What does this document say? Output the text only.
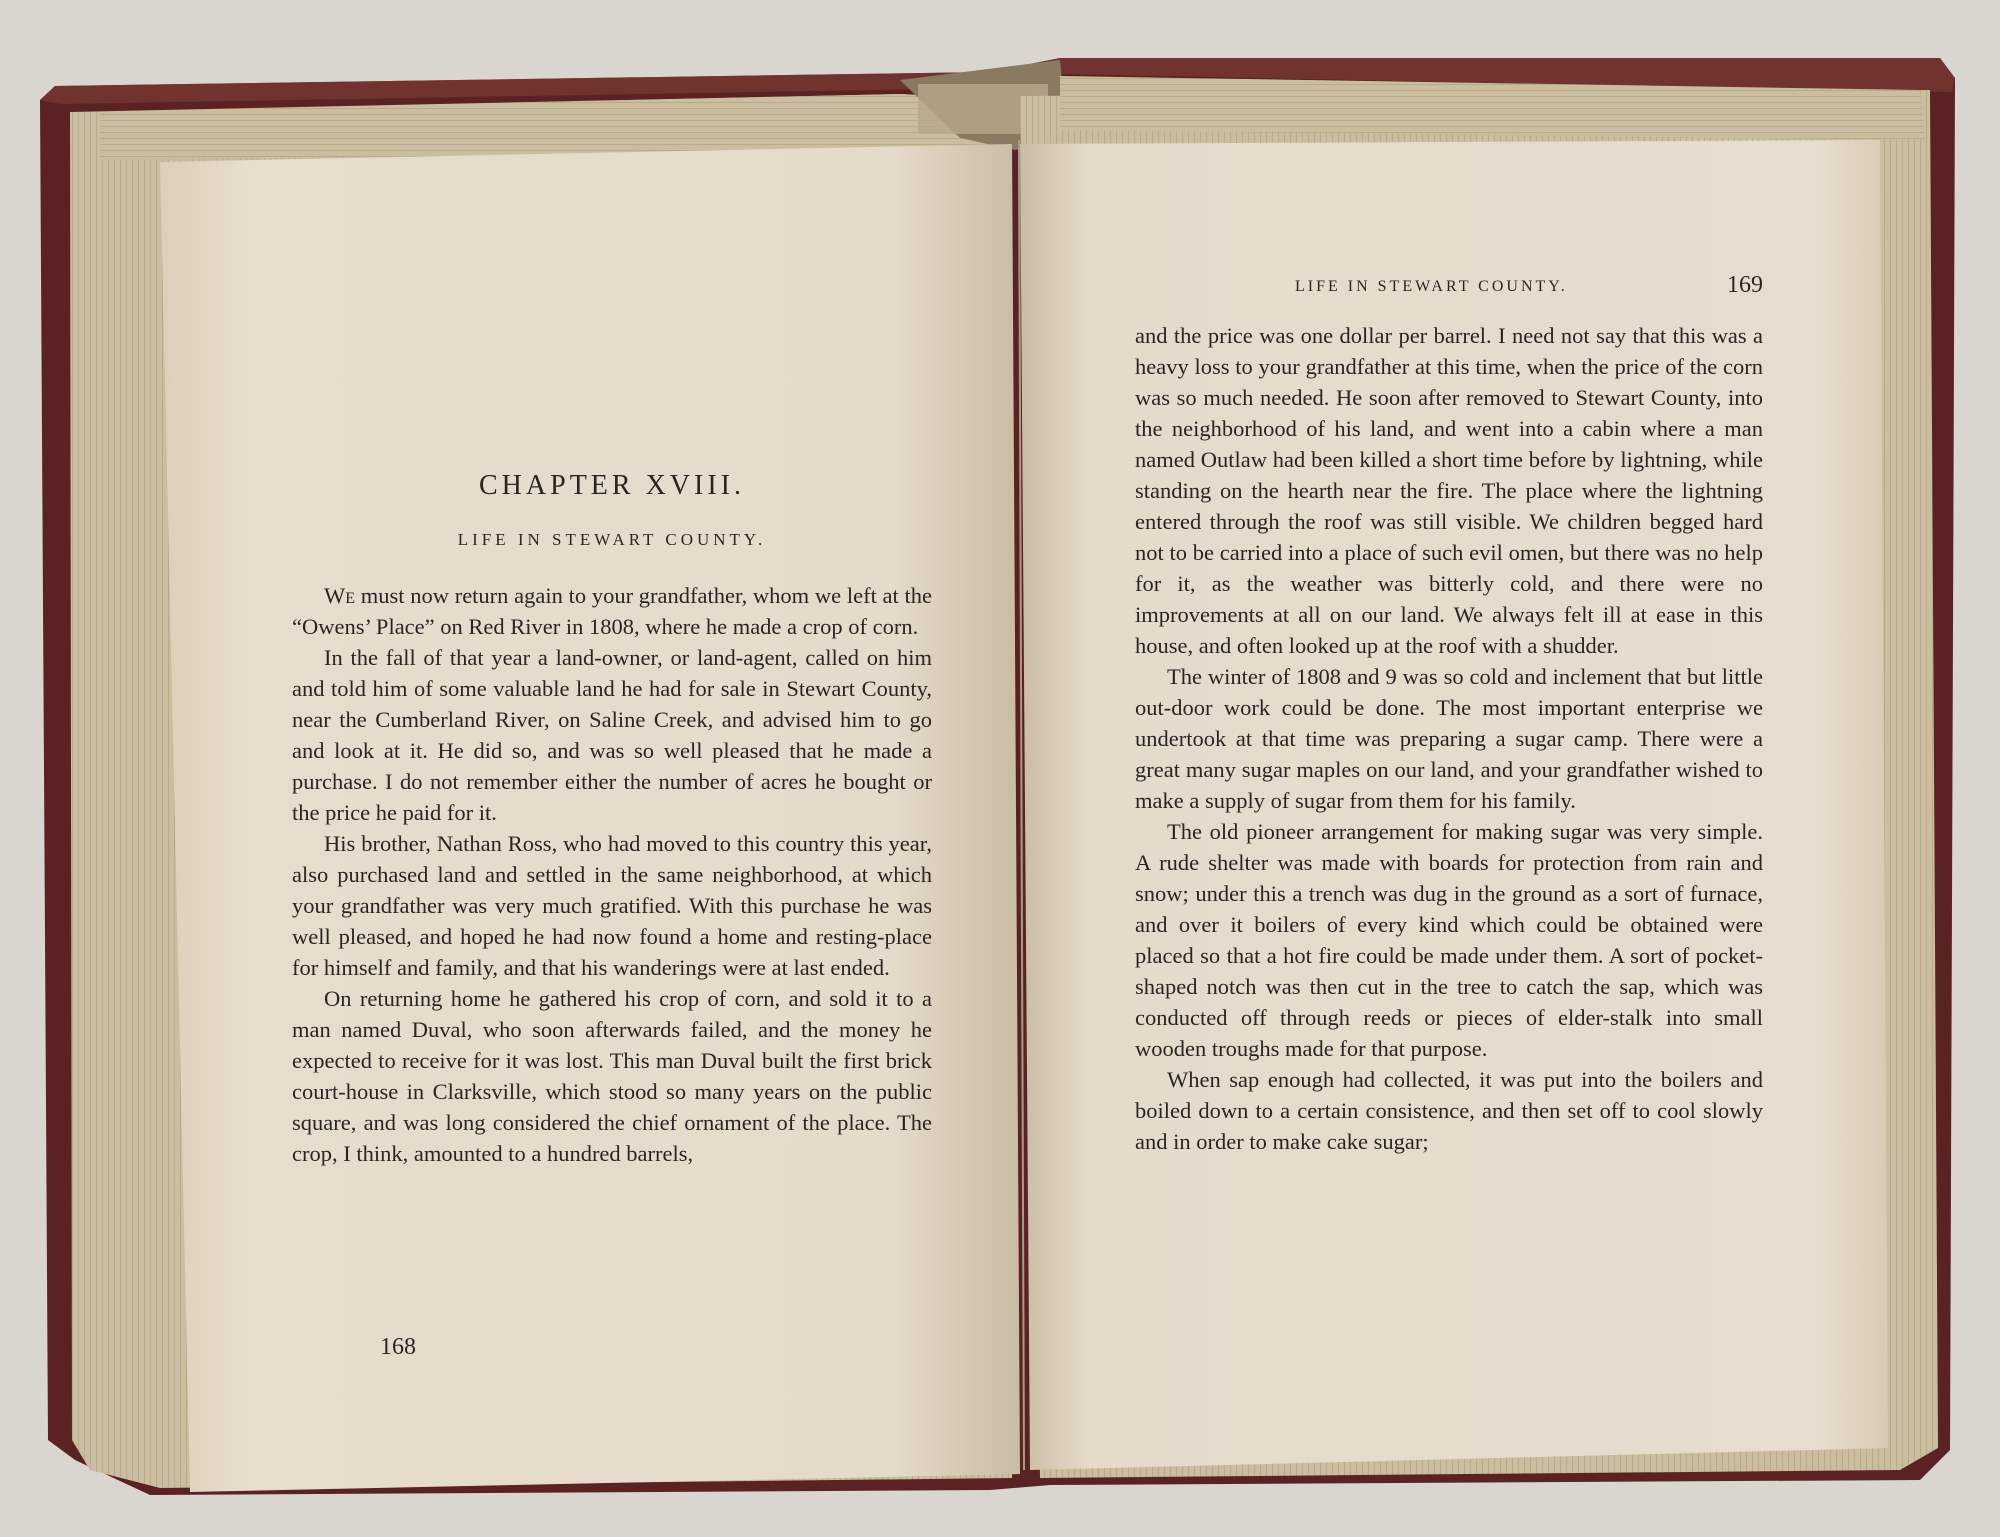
CHAPTER XVIII.
LIFE IN STEWART COUNTY.

We must now return again to your grandfather, whom we left at the “Owens’ Place” on Red River in 1808, where he made a crop of corn.

In the fall of that year a land-owner, or land-agent, called on him and told him of some valuable land he had for sale in Stewart County, near the Cumberland River, on Saline Creek, and advised him to go and look at it. He did so, and was so well pleased that he made a purchase. I do not remember either the number of acres he bought or the price he paid for it.

His brother, Nathan Ross, who had moved to this country this year, also purchased land and settled in the same neighborhood, at which your grandfather was very much gratified. With this purchase he was well pleased, and hoped he had now found a home and resting-place for himself and family, and that his wanderings were at last ended.

On returning home he gathered his crop of corn, and sold it to a man named Duval, who soon afterwards failed, and the money he expected to receive for it was lost. This man Duval built the first brick court-house in Clarksville, which stood so many years on the public square, and was long considered the chief ornament of the place. The crop, I think, amounted to a hundred barrels,

168
LIFE IN STEWART COUNTY.	169

and the price was one dollar per barrel. I need not say that this was a heavy loss to your grandfather at this time, when the price of the corn was so much needed. He soon after removed to Stewart County, into the neighborhood of his land, and went into a cabin where a man named Outlaw had been killed a short time before by lightning, while standing on the hearth near the fire. The place where the lightning entered through the roof was still visible. We children begged hard not to be carried into a place of such evil omen, but there was no help for it, as the weather was bitterly cold, and there were no improvements at all on our land. We always felt ill at ease in this house, and often looked up at the roof with a shudder.

The winter of 1808 and 9 was so cold and inclement that but little out-door work could be done. The most important enterprise we undertook at that time was preparing a sugar camp. There were a great many sugar maples on our land, and your grandfather wished to make a supply of sugar from them for his family.

The old pioneer arrangement for making sugar was very simple. A rude shelter was made with boards for protection from rain and snow; under this a trench was dug in the ground as a sort of furnace, and over it boilers of every kind which could be obtained were placed so that a hot fire could be made under them. A sort of pocket-shaped notch was then cut in the tree to catch the sap, which was conducted off through reeds or pieces of elder-stalk into small wooden troughs made for that purpose.

When sap enough had collected, it was put into the boilers and boiled down to a certain consistence, and then set off to cool slowly and in order to make cake sugar;
